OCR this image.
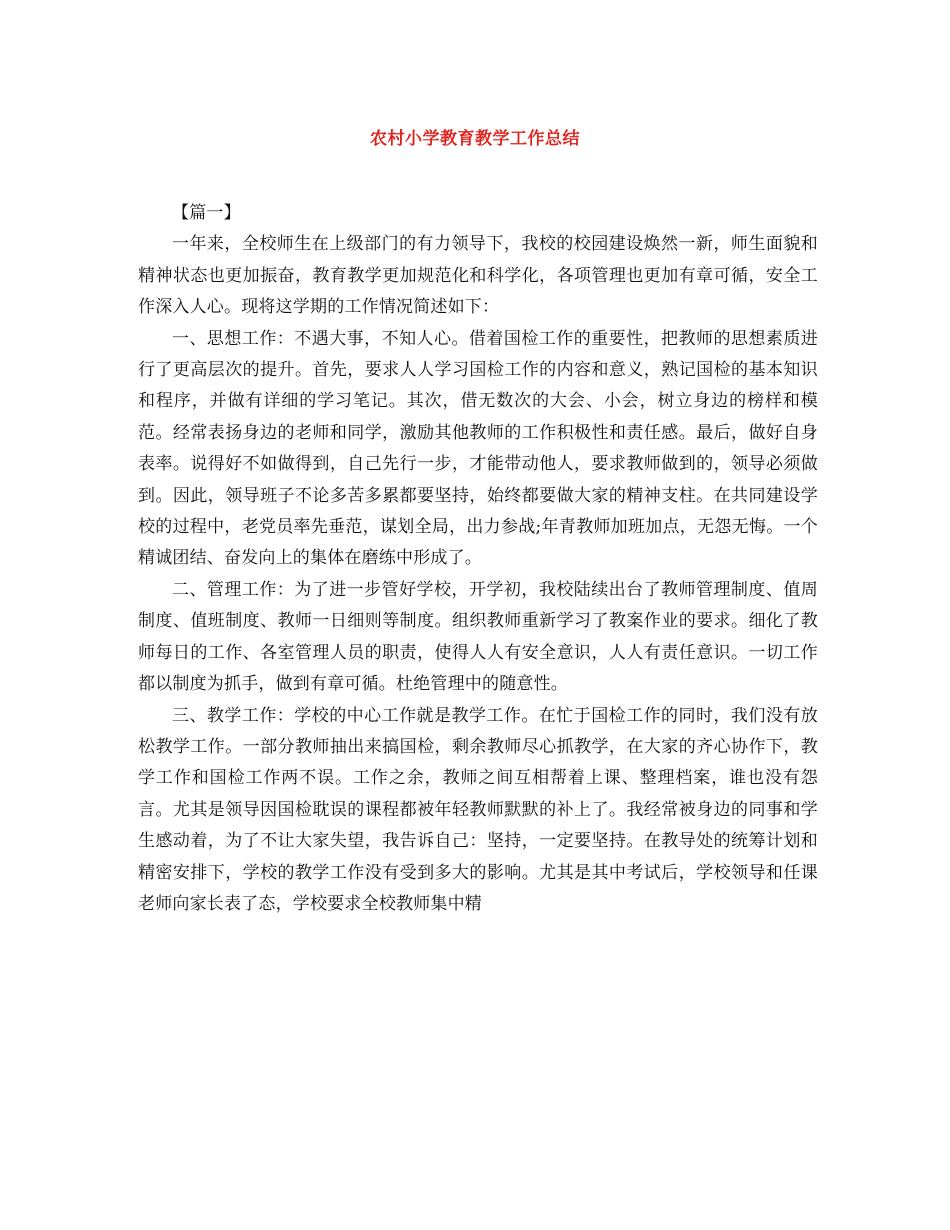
农村小学教育教学工作总结

【篇一】

一年来，全校师生在上级部门的有力领导下，我校的校园建设焕然一新，师生面貌和精神状态也更加振奋，教育教学更加规范化和科学化，各项管理也更加有章可循，安全工作深入人心。现将这学期的工作情况简述如下：

一、思想工作：不遇大事，不知人心。借着国检工作的重要性，把教师的思想素质进行了更高层次的提升。首先，要求人人学习国检工作的内容和意义，熟记国检的基本知识和程序，并做有详细的学习笔记。其次，借无数次的大会、小会，树立身边的榜样和模范。经常表扬身边的老师和同学，激励其他教师的工作积极性和责任感。最后，做好自身表率。说得好不如做得到，自己先行一步，才能带动他人，要求教师做到的，领导必须做到。因此，领导班子不论多苦多累都要坚持，始终都要做大家的精神支柱。在共同建设学校的过程中，老党员率先垂范，谋划全局，出力参战;年青教师加班加点，无怨无悔。一个精诚团结、奋发向上的集体在磨练中形成了。

二、管理工作：为了进一步管好学校，开学初，我校陆续出台了教师管理制度、值周制度、值班制度、教师一日细则等制度。组织教师重新学习了教案作业的要求。细化了教师每日的工作、各室管理人员的职责，使得人人有安全意识，人人有责任意识。一切工作都以制度为抓手，做到有章可循。杜绝管理中的随意性。

三、教学工作：学校的中心工作就是教学工作。在忙于国检工作的同时，我们没有放松教学工作。一部分教师抽出来搞国检，剩余教师尽心抓教学，在大家的齐心协作下，教学工作和国检工作两不误。工作之余，教师之间互相帮着上课、整理档案，谁也没有怨言。尤其是领导因国检耽误的课程都被年轻教师默默的补上了。我经常被身边的同事和学生感动着，为了不让大家失望，我告诉自己：坚持，一定要坚持。在教导处的统筹计划和精密安排下，学校的教学工作没有受到多大的影响。尤其是其中考试后，学校领导和任课老师向家长表了态，学校要求全校教师集中精
